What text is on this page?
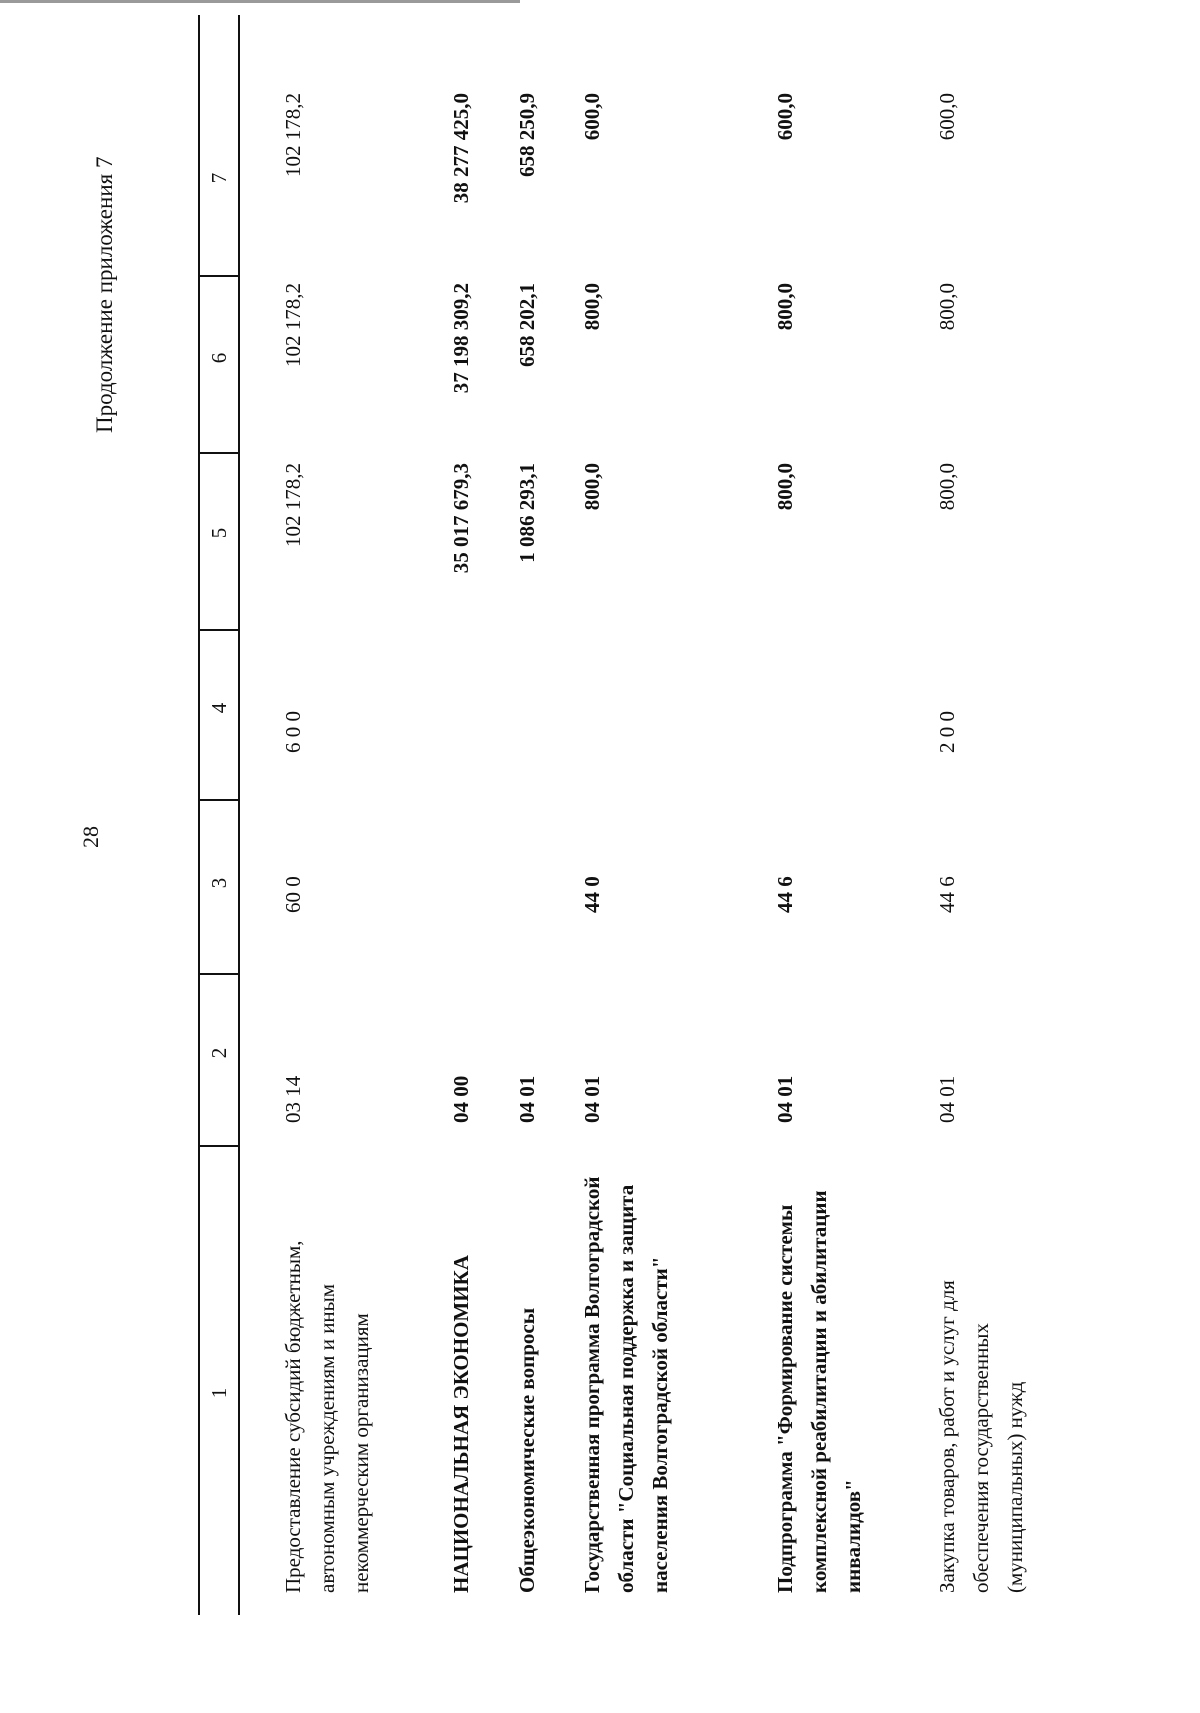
28
Продолжение приложения 7
1
2
3
4
5
6
7
Предоставление субсидий бюджетным, автономным учреждениям и иным некоммерческим организациям
03 14
60 0
6 0 0
102 178,2
102 178,2
102 178,2
НАЦИОНАЛЬНАЯ ЭКОНОМИКА
04 00
35 017 679,3
37 198 309,2
38 277 425,0
Общеэкономические вопросы
04 01
1 086 293,1
658 202,1
658 250,9
Государственная программа Волгоградской области "Социальная поддержка и защита населения Волгоградской области"
04 01
44 0
800,0
800,0
600,0
Подпрограмма "Формирование системы комплексной реабилитации и абилитации инвалидов"
04 01
44 6
800,0
800,0
600,0
Закупка товаров, работ и услуг для обеспечения государственных (муниципальных) нужд
04 01
44 6
2 0 0
800,0
800,0
600,0
